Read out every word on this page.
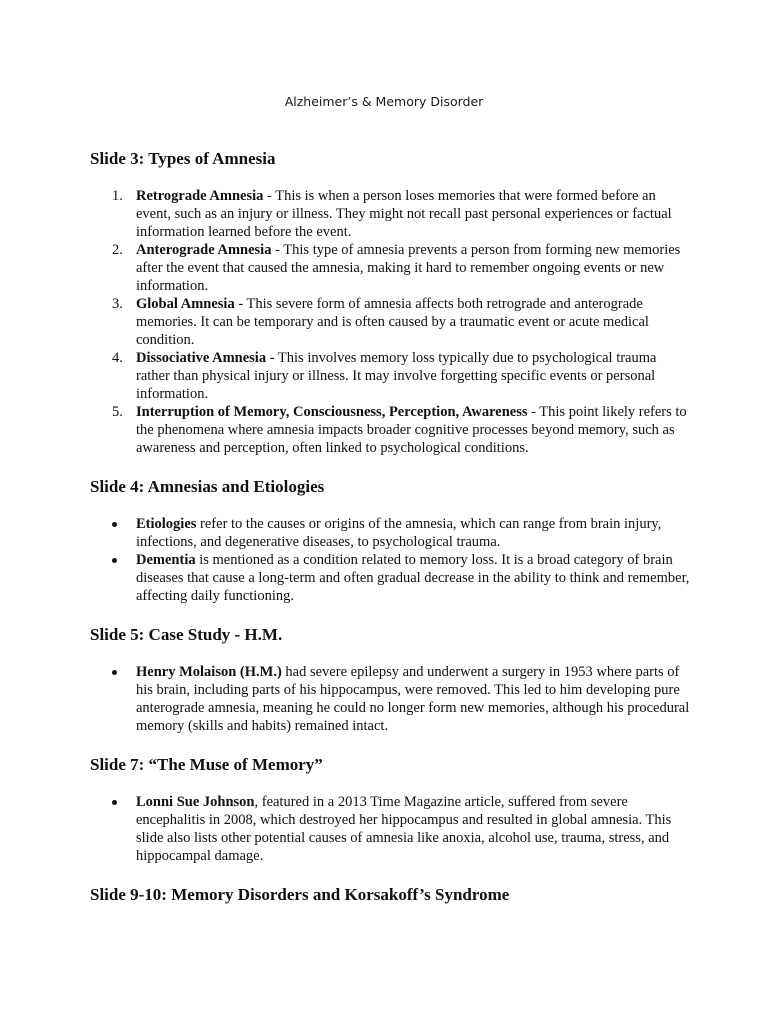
Alzheimer’s & Memory Disorder
Slide 3: Types of Amnesia
1. Retrograde Amnesia - This is when a person loses memories that were formed before an event, such as an injury or illness. They might not recall past personal experiences or factual information learned before the event.
2. Anterograde Amnesia - This type of amnesia prevents a person from forming new memories after the event that caused the amnesia, making it hard to remember ongoing events or new information.
3. Global Amnesia - This severe form of amnesia affects both retrograde and anterograde memories. It can be temporary and is often caused by a traumatic event or acute medical condition.
4. Dissociative Amnesia - This involves memory loss typically due to psychological trauma rather than physical injury or illness. It may involve forgetting specific events or personal information.
5. Interruption of Memory, Consciousness, Perception, Awareness - This point likely refers to the phenomena where amnesia impacts broader cognitive processes beyond memory, such as awareness and perception, often linked to psychological conditions.
Slide 4: Amnesias and Etiologies
Etiologies refer to the causes or origins of the amnesia, which can range from brain injury, infections, and degenerative diseases, to psychological trauma.
Dementia is mentioned as a condition related to memory loss. It is a broad category of brain diseases that cause a long-term and often gradual decrease in the ability to think and remember, affecting daily functioning.
Slide 5: Case Study - H.M.
Henry Molaison (H.M.) had severe epilepsy and underwent a surgery in 1953 where parts of his brain, including parts of his hippocampus, were removed. This led to him developing pure anterograde amnesia, meaning he could no longer form new memories, although his procedural memory (skills and habits) remained intact.
Slide 7: “The Muse of Memory”
Lonni Sue Johnson, featured in a 2013 Time Magazine article, suffered from severe encephalitis in 2008, which destroyed her hippocampus and resulted in global amnesia. This slide also lists other potential causes of amnesia like anoxia, alcohol use, trauma, stress, and hippocampal damage.
Slide 9-10: Memory Disorders and Korsakoff’s Syndrome
